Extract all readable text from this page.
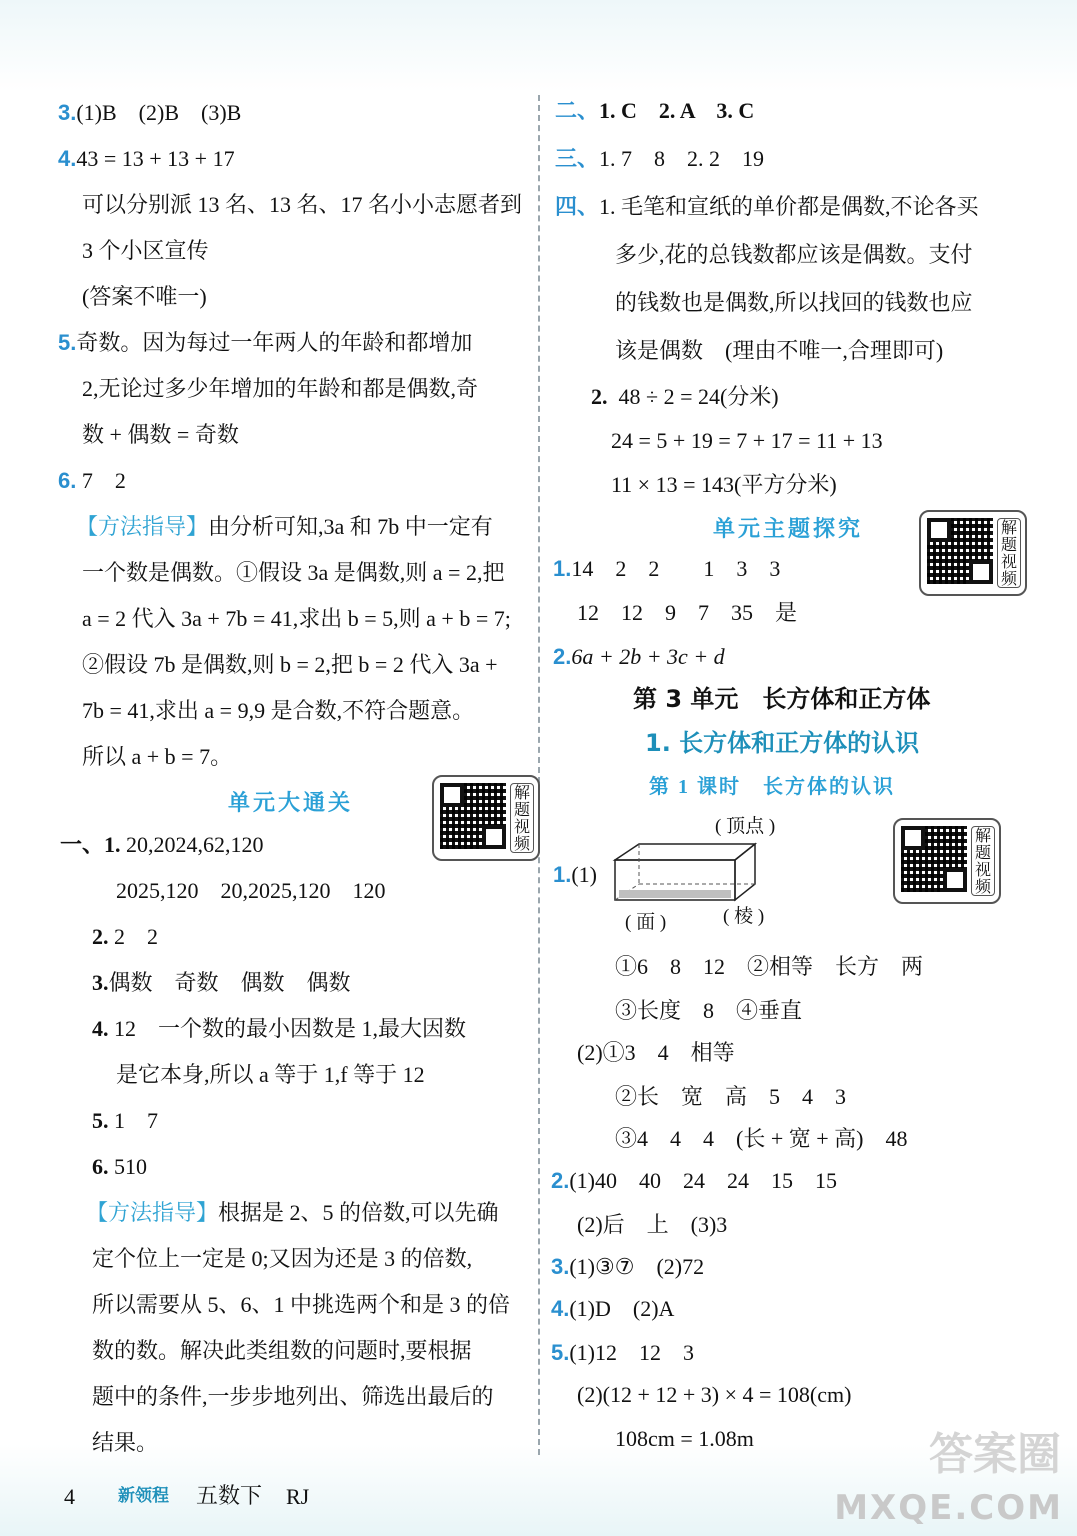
3.(1)B　(2)B　(3)B
4.43 = 13 + 13 + 17
可以分别派 13 名、13 名、17 名小小志愿者到
3 个小区宣传
(答案不唯一)
5.奇数。因为每过一年两人的年龄和都增加
2,无论过多少年增加的年龄和都是偶数,奇
数 + 偶数 = 奇数
6. 7　2
【方法指导】由分析可知,3a 和 7b 中一定有
一个数是偶数。①假设 3a 是偶数,则 a = 2,把
a = 2 代入 3a + 7b = 41,求出 b = 5,则 a + b = 7;
②假设 7b 是偶数,则 b = 2,把 b = 2 代入 3a +
7b = 41,求出 a = 9,9 是合数,不符合题意。
所以 a + b = 7。
单元大通关	解题视频
一、1. 20,2024,62,120
2025,120　20,2025,120　120
2. 2　2
3.偶数　奇数　偶数　偶数
4. 12　一个数的最小因数是 1,最大因数
是它本身,所以 a 等于 1,f 等于 12
5. 1　7
6. 510
【方法指导】根据是 2、5 的倍数,可以先确
定个位上一定是 0;又因为还是 3 的倍数,
所以需要从 5、6、1 中挑选两个和是 3 的倍
数的数。解决此类组数的问题时,要根据
题中的条件,一步步地列出、筛选出最后的
结果。
二、1. C　2. A　3. C
三、1. 7　8　2. 2　19
四、1. 毛笔和宣纸的单价都是偶数,不论各买
多少,花的总钱数都应该是偶数。支付
的钱数也是偶数,所以找回的钱数也应
该是偶数　(理由不唯一,合理即可)
2. 48 ÷ 2 = 24(分米)
24 = 5 + 19 = 7 + 17 = 11 + 13
11 × 13 = 143(平方分米)
单元主题探究	解题视频
1.14　2　2　　1　3　3
12　12　9　7　35　是
2.6a + 2b + 3c + d
第 3 单元　长方体和正方体
1. 长方体和正方体的认识
第 1 课时　长方体的认识
( 顶点 )
1.(1)
( 面 )	( 棱 )
解题视频
①6　8　12　②相等　长方　两
③长度　8　④垂直
(2)①3　4　相等
②长　宽　高　5　4　3
③4　4　4　(长 + 宽 + 高)　48
2.(1)40　40　24　24　15　15
(2)后　上　(3)3
3.(1)③⑦　(2)72
4.(1)D　(2)A
5.(1)12　12　3
(2)(12 + 12 + 3) × 4 = 108(cm)
108cm = 1.08m
4	新领程 五数下 RJ
答案圈
MXQE.COM
